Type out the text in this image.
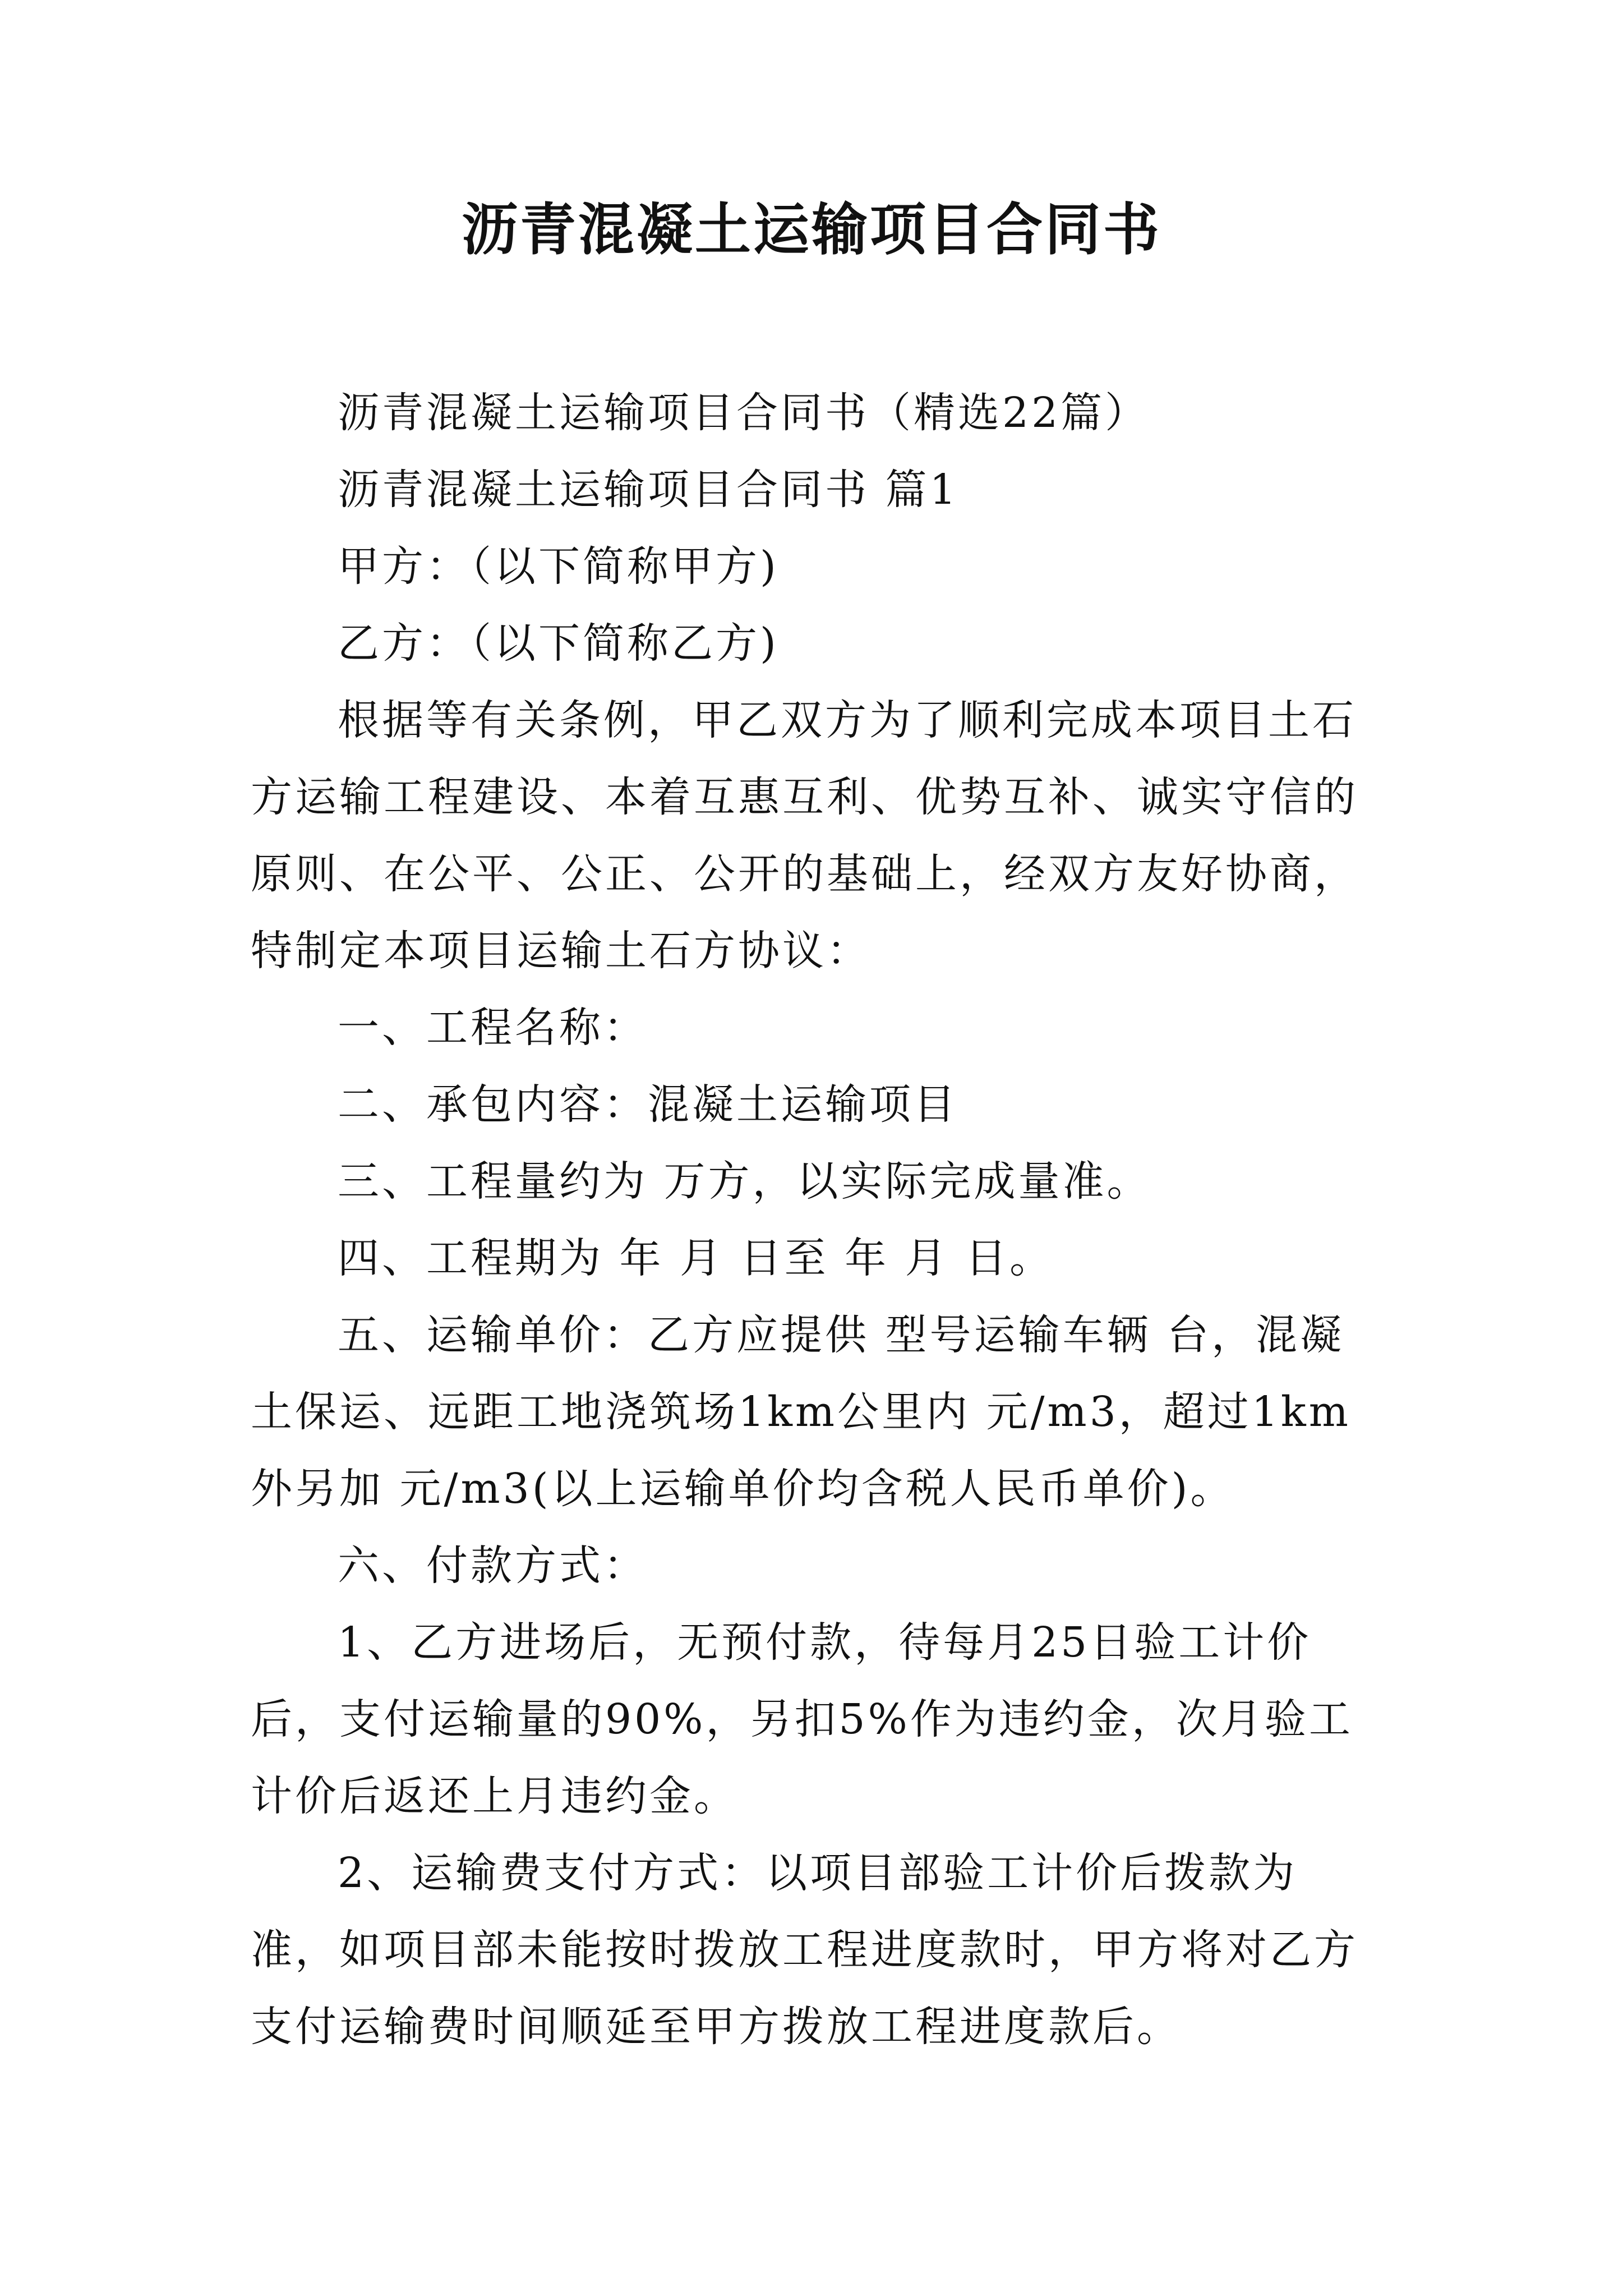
沥青混凝土运输项目合同书

沥青混凝土运输项目合同书（精选22篇）

沥青混凝土运输项目合同书 篇1

甲方：（以下简称甲方)

乙方：（以下简称乙方)

根据等有关条例，甲乙双方为了顺利完成本项目土石方运输工程建设、本着互惠互利、优势互补、诚实守信的原则、在公平、公正、公开的基础上，经双方友好协商，特制定本项目运输土石方协议：

一、工程名称：

二、承包内容：混凝土运输项目

三、工程量约为 万方，以实际完成量准。

四、工程期为 年 月 日至 年 月 日。

五、运输单价：乙方应提供 型号运输车辆 台，混凝土保运、远距工地浇筑场1km公里内 元/m3，超过1km外另加 元/m3(以上运输单价均含税人民币单价)。

六、付款方式：

1、乙方进场后，无预付款，待每月25日验工计价后，支付运输量的90%，另扣5%作为违约金，次月验工计价后返还上月违约金。

2、运输费支付方式：以项目部验工计价后拨款为准，如项目部未能按时拨放工程进度款时，甲方将对乙方支付运输费时间顺延至甲方拨放工程进度款后。
